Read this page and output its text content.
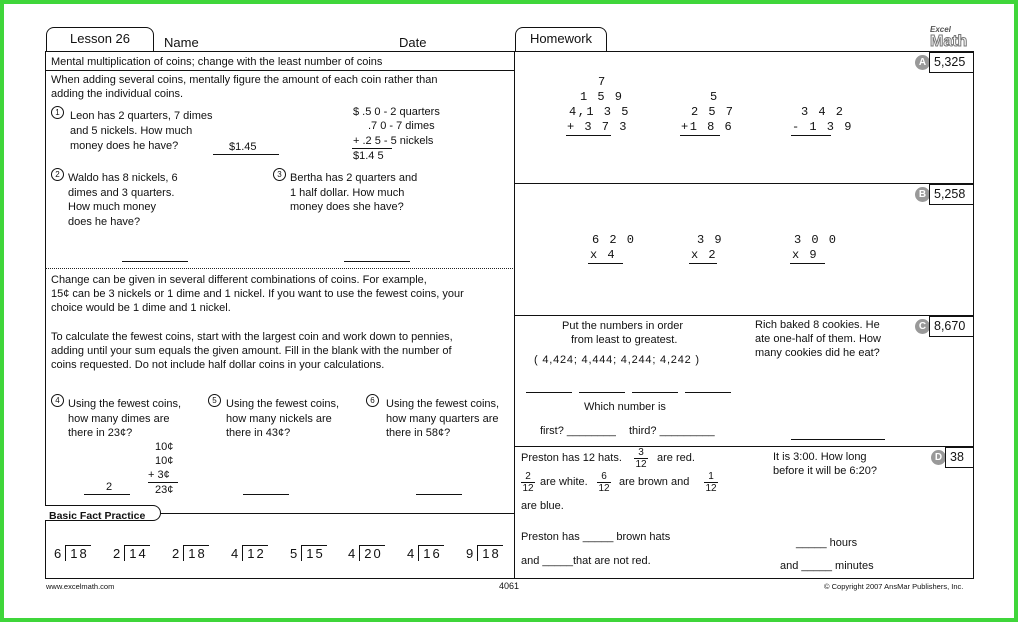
Excel
Math
Lesson 26	Name	Date
Mental multiplication of coins; change with the least number of coins
When adding several coins, mentally figure the amount of each coin rather than
adding the individual coins.
1 Leon has 2 quarters, 7 dimes
and 5 nickels. How much
money does he have?	$1.45
$ .5 0 - 2 quarters
.7 0 - 7 dimes
+ .2 5 - 5 nickels
$1.4 5
2 Waldo has 8 nickels, 6
dimes and 3 quarters.
How much money
does he have?
3 Bertha has 2 quarters and
1 half dollar. How much
money does she have?
Change can be given in several different combinations of coins. For example,
15¢ can be 3 nickels or 1 dime and 1 nickel. If you want to use the fewest coins, your
choice would be 1 dime and 1 nickel.
To calculate the fewest coins, start with the largest coin and work down to pennies,
adding until your sum equals the given amount. Fill in the blank with the number of
coins requested. Do not include half dollar coins in your calculations.
4 Using the fewest coins,
how many dimes are
there in 23¢?
10¢
10¢
+ 3¢
23¢
2
5 Using the fewest coins,
how many nickels are
there in 43¢?
6	Using the fewest coins,
how many quarters are
there in 58¢?
Basic Fact Practice
6 18 2 14 2 18 4 12 5 15 4 20 4 16 9 18
Homework
A 5,325
7
1 5 9
4,1 3 5
+ 3 7 3
5
2 5 7
+1 8 6
3 4 2
- 1 3 9
B 5,258
6 2 0
x 4
3 9
x 2
3 0 0
x 9
C 8,670
Put the numbers in order
from least to greatest.
( 4,424; 4,444; 4,244; 4,242 )
Which number is
first? ________ third? _________
Rich baked 8 cookies. He
ate one-half of them. How
many cookies did he eat?
D 38
Preston has 12 hats. $\frac{3}{12}$ are red.
$\frac{2}{12}$ are white. $\frac{6}{12}$ are brown and $\frac{1}{12}$
are blue.
Preston has _____ brown hats
and _____that are not red.
It is 3:00. How long
before it will be 6:20?
_____ hours
and _____ minutes
www.excelmath.com	4061	© Copyright 2007 AnsMar Publishers, Inc.
